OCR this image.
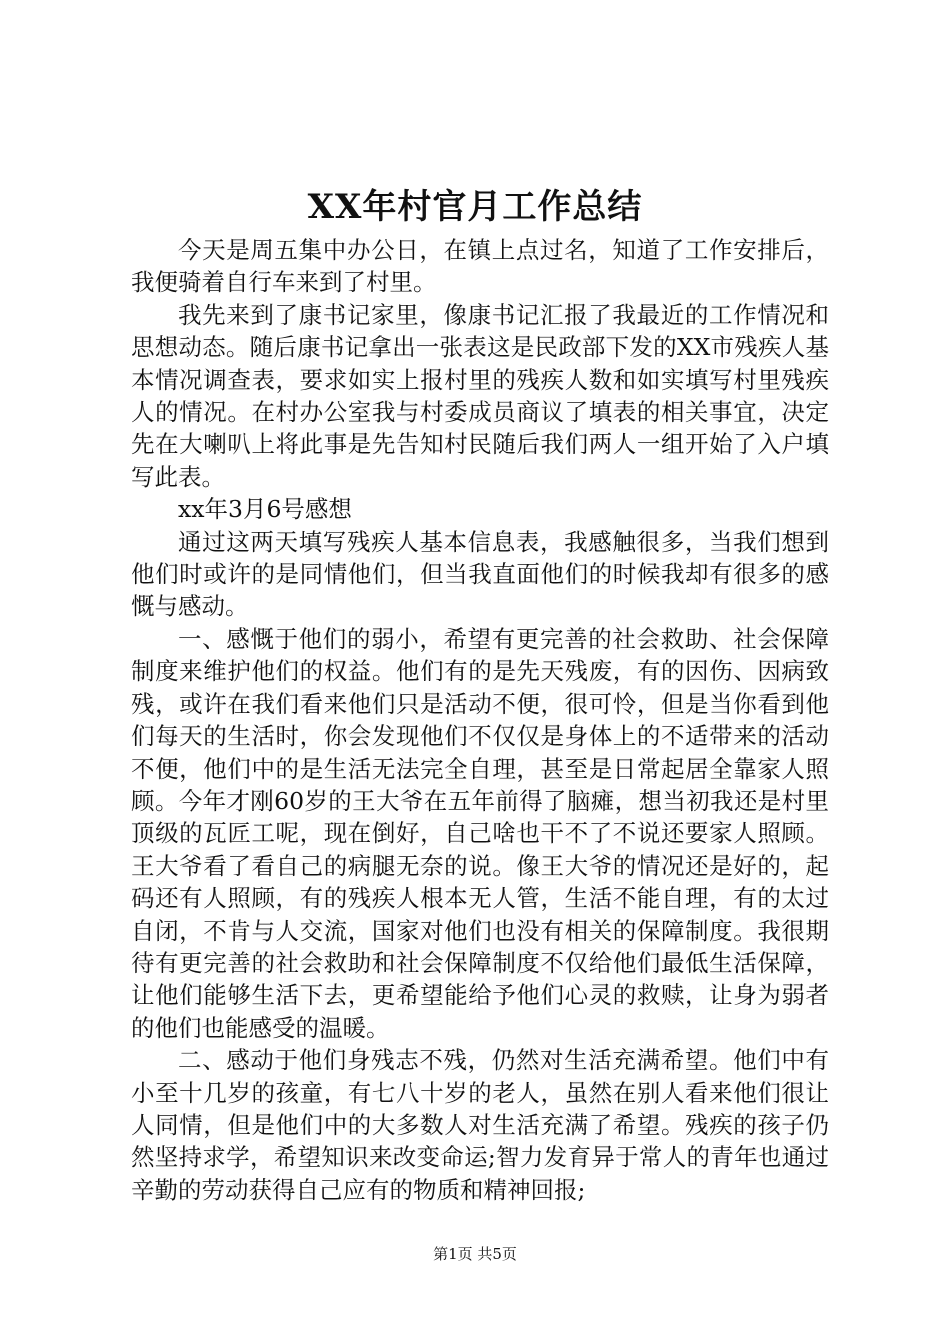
XX年村官月工作总结

今天是周五集中办公日，在镇上点过名，知道了工作安排后，我便骑着自行车来到了村里。

我先来到了康书记家里，像康书记汇报了我最近的工作情况和思想动态。随后康书记拿出一张表这是民政部下发的XX市残疾人基本情况调查表，要求如实上报村里的残疾人数和如实填写村里残疾人的情况。在村办公室我与村委成员商议了填表的相关事宜，决定先在大喇叭上将此事是先告知村民随后我们两人一组开始了入户填写此表。

xx年3月6号感想

通过这两天填写残疾人基本信息表，我感触很多，当我们想到他们时或许的是同情他们，但当我直面他们的时候我却有很多的感慨与感动。

一、感慨于他们的弱小，希望有更完善的社会救助、社会保障制度来维护他们的权益。他们有的是先天残废，有的因伤、因病致残，或许在我们看来他们只是活动不便，很可怜，但是当你看到他们每天的生活时，你会发现他们不仅仅是身体上的不适带来的活动不便，他们中的是生活无法完全自理，甚至是日常起居全靠家人照顾。今年才刚60岁的王大爷在五年前得了脑瘫，想当初我还是村里顶级的瓦匠工呢，现在倒好，自己啥也干不了不说还要家人照顾。王大爷看了看自己的病腿无奈的说。像王大爷的情况还是好的，起码还有人照顾，有的残疾人根本无人管，生活不能自理，有的太过自闭，不肯与人交流，国家对他们也没有相关的保障制度。我很期待有更完善的社会救助和社会保障制度不仅给他们最低生活保障，让他们能够生活下去，更希望能给予他们心灵的救赎，让身为弱者的他们也能感受的温暖。

二、感动于他们身残志不残，仍然对生活充满希望。他们中有小至十几岁的孩童，有七八十岁的老人，虽然在别人看来他们很让人同情，但是他们中的大多数人对生活充满了希望。残疾的孩子仍然坚持求学，希望知识来改变命运;智力发育异于常人的青年也通过辛勤的劳动获得自己应有的物质和精神回报;

第1页 共5页
